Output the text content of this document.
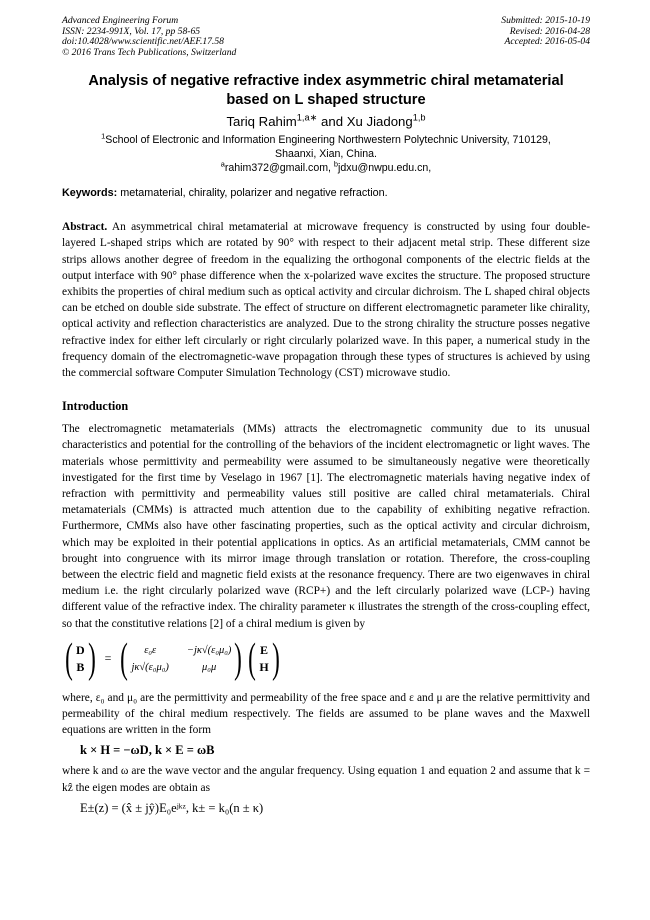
Advanced Engineering Forum
ISSN: 2234-991X, Vol. 17, pp 58-65
doi:10.4028/www.scientific.net/AEF.17.58
© 2016 Trans Tech Publications, Switzerland
Submitted: 2015-10-19
Revised: 2016-04-28
Accepted: 2016-05-04
Analysis of negative refractive index asymmetric chiral metamaterial
based on L shaped structure
Tariq Rahim$^{1,a∗}$ and Xu Jiadong$^{1,b}$
$^1$School of Electronic and Information Engineering Northwestern Polytechnic University, 710129,
Shaanxi, Xian, China.
$^a$rahim372@gmail.com, $^b$jdxu@nwpu.edu.cn,
Keywords: metamaterial, chirality, polarizer and negative refraction.

Abstract. An asymmetrical chiral metamaterial at microwave frequency is constructed by using four double-layered L-shaped strips which are rotated by 90° with respect to their adjacent metal strip. These different size strips allows another degree of freedom in the equalizing the orthogonal components of the electric fields at the output interface with 90° phase difference when the x-polarized wave excites the structure. The proposed structure exhibits the properties of chiral medium such as optical activity and circular dichroism. The L shaped chiral objects can be etched on double side substrate. The effect of structure on different electromagnetic parameter like chirality, optical activity and reflection characteristics are analyzed. Due to the strong chirality the structure posses negative refractive index for either left circularly or right circularly polarized wave. In this paper, a numerical study in the frequency domain of the electromagnetic-wave propagation through these types of structures is achieved by using the commercial software Computer Simulation Technology (CST) microwave studio.

Introduction

The electromagnetic metamaterials (MMs) attracts the electromagnetic community due to its unusual characteristics and potential for the controlling of the behaviors of the incident electromagnetic or light waves. The materials whose permittivity and permeability were assumed to be simultaneously negative were theoretically investigated for the first time by Veselago in 1967 [1]. The electromagnetic materials having negative index of refraction with permittivity and permeability values still positive are called chiral metamaterials. Chiral metamaterials (CMMs) is attracted much attention due to the capability of exhibiting negative refraction. Furthermore, CMMs also have other fascinating properties, such as the optical activity and circular dichroism, which may be exploited in their potential applications in optics. As an artificial metamaterials, CMM cannot be brought into congruence with its mirror image through translation or rotation. Therefore, the cross-coupling between the electric field and magnetic field exists at the resonance frequency. There are two eigenwaves in chiral medium i.e. the right circularly polarized wave (RCP+) and the left circularly polarized wave (LCP-) having different value of the refractive index. The chirality parameter κ illustrates the strength of the cross-coupling effect, so that the constitutive relations [2] of a chiral medium is given by

( D
B ) = (	ε₀ε	−jκ√(ε₀μ₀)
jκ√(ε₀μ₀)	μ₀μ ) ( E
H )

where, ε₀ and μ₀ are the permittivity and permeability of the free space and ε and μ are the relative permittivity and permeability of the chiral medium respectively. The fields are assumed to be plane waves and the Maxwell equations are written in the form

k × H = −ωD, k × E = ωB

where k and ω are the wave vector and the angular frequency. Using equation 1 and equation 2 and assume that k = kẑ the eigen modes are obtain as

E±(z) = (x̂ ± jŷ)E₀eʲᵏᶻ, k± = k₀(n ± κ)
